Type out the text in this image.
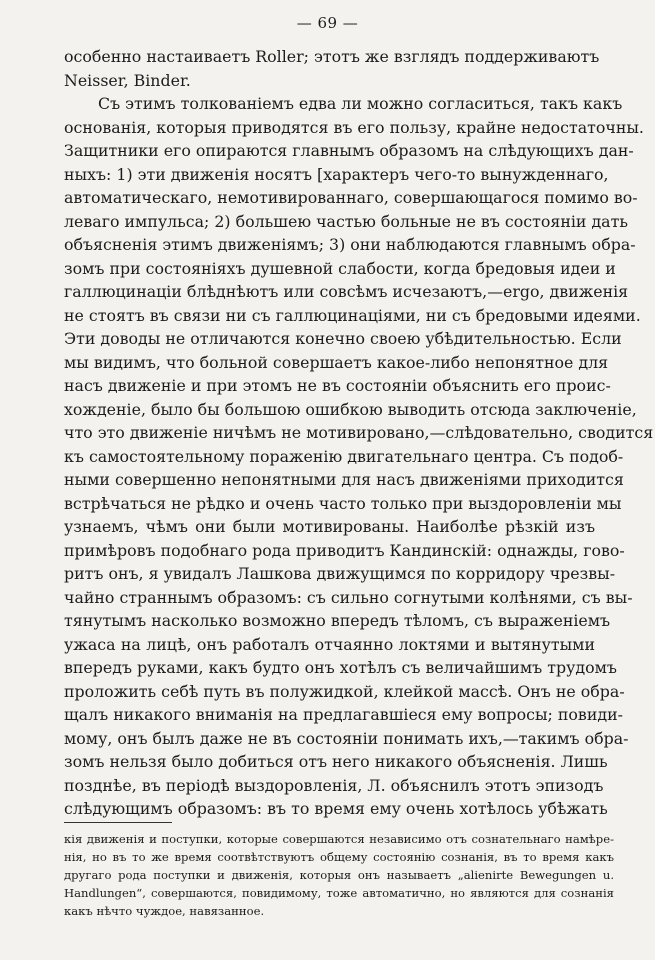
— 69 —

особенно настаиваетъ Roller; этотъ же взглядъ поддерживаютъ
Neisser, Binder.

Съ этимъ толкованіемъ едва ли можно согласиться, такъ какъ
основанія, которыя приводятся въ его пользу, крайне недостаточны.
Защитники его опираются главнымъ образомъ на слѣдующихъ дан-
ныхъ: 1) эти движенія носятъ [характеръ чего-то вынужденнаго,
автоматическаго, немотивированнаго, совершающагося помимо во-
леваго импульса; 2) большею частью больные не въ состояніи дать
объясненія этимъ движеніямъ; 3) они наблюдаются главнымъ обра-
зомъ при состояніяхъ душевной слабости, когда бредовыя идеи и
галлюцинаціи блѣднѣютъ или совсѣмъ исчезаютъ,—ergo, движенія
не стоятъ въ связи ни съ галлюцинаціями, ни съ бредовыми идеями.
Эти доводы не отличаются конечно своею убѣдительностью. Если
мы видимъ, что больной совершаетъ какое-либо непонятное для
насъ движеніе и при этомъ не въ состояніи объяснить его проис-
хожденіе, было бы большою ошибкою выводить отсюда заключеніе,
что это движеніе ничѣмъ не мотивировано,—слѣдовательно, сводится
къ самостоятельному пораженію двигательнаго центра. Съ подоб-
ными совершенно непонятными для насъ движеніями приходится
встрѣчаться не рѣдко и очень часто только при выздоровленіи мы
узнаемъ, чѣмъ они были мотивированы. Наиболѣе рѣзкій изъ
примѣровъ подобнаго рода приводитъ Кандинскій: однажды, гово-
ритъ онъ, я увидалъ Лашкова движущимся по корридору чрезвы-
чайно страннымъ образомъ: съ сильно согнутыми колѣнями, съ вы-
тянутымъ насколько возможно впередъ тѣломъ, съ выраженіемъ
ужаса на лицѣ, онъ работалъ отчаянно локтями и вытянутыми
впередъ руками, какъ будто онъ хотѣлъ съ величайшимъ трудомъ
проложить себѣ путь въ полужидкой, клейкой массѣ. Онъ не обра-
щалъ никакого вниманія на предлагавшіеся ему вопросы; повиди-
мому, онъ былъ даже не въ состояніи понимать ихъ,—такимъ обра-
зомъ нельзя было добиться отъ него никакого объясненія. Лишь
позднѣе, въ періодѣ выздоровленія, Л. объяснилъ этотъ эпизодъ
слѣдующимъ образомъ: въ то время ему очень хотѣлось убѣжать

кія движенія и поступки, которые совершаются независимо отъ сознательнаго намѣре-
нія, но въ то же время соотвѣтствуютъ общему состоянію сознанія, въ то время какъ
другаго рода поступки и движенія, которыя онъ называетъ „alienirte Bewegungen u.
Handlungen“, совершаются, повидимому, тоже автоматично, но являются для сознанія
какъ нѣчто чуждое, навязанное.
